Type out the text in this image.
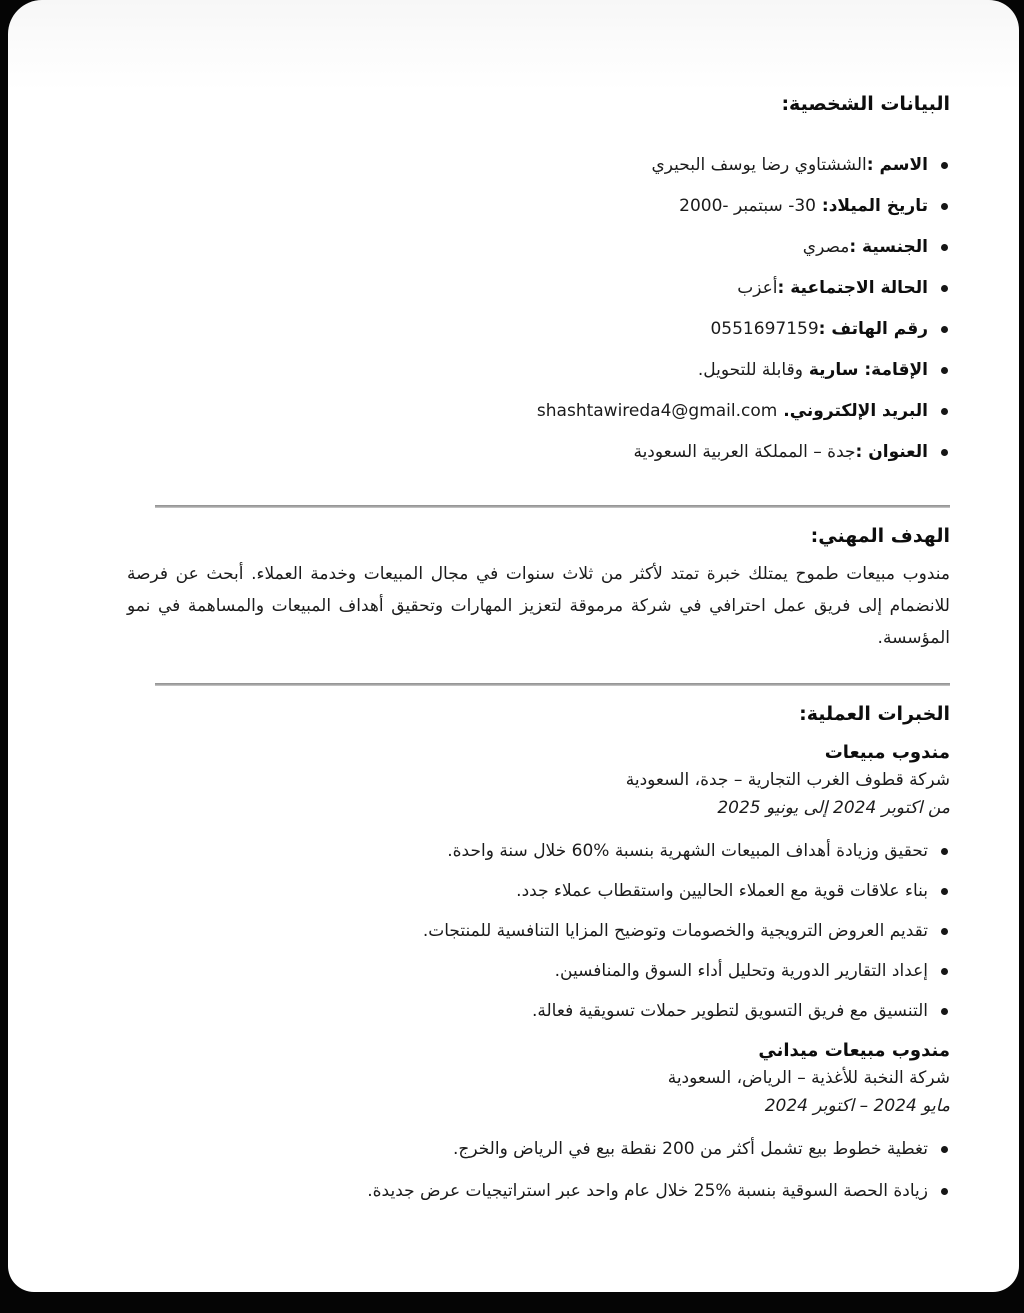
البيانات الشخصية:
الاسم :الششتاوي رضا يوسف البحيري
تاريخ الميلاد: 30- سبتمبر -2000
الجنسية :مصري
الحالة الاجتماعية :أعزب
رقم الهاتف :0551697159
الإقامة: سارية وقابلة للتحويل.
البريد الإلكتروني. shashtawireda4@gmail.com
العنوان :جدة – المملكة العربية السعودية
الهدف المهني:

مندوب مبيعات طموح يمتلك خبرة تمتد لأكثر من ثلاث سنوات في مجال المبيعات وخدمة العملاء. أبحث عن فرصة للانضمام إلى فريق عمل احترافي في شركة مرموقة لتعزيز المهارات وتحقيق أهداف المبيعات والمساهمة في نمو المؤسسة.

الخبرات العملية:
مندوب مبيعات
شركة قطوف الغرب التجارية – جدة، السعودية
من اكتوبر 2024 إلى يونيو 2025
تحقيق وزيادة أهداف المبيعات الشهرية بنسبة %60 خلال سنة واحدة.
بناء علاقات قوية مع العملاء الحاليين واستقطاب عملاء جدد.
تقديم العروض الترويجية والخصومات وتوضيح المزايا التنافسية للمنتجات.
إعداد التقارير الدورية وتحليل أداء السوق والمنافسين.
التنسيق مع فريق التسويق لتطوير حملات تسويقية فعالة.
مندوب مبيعات ميداني
شركة النخبة للأغذية – الرياض، السعودية
مايو 2024 – اكتوبر 2024
تغطية خطوط بيع تشمل أكثر من 200 نقطة بيع في الرياض والخرج.
زيادة الحصة السوقية بنسبة %25 خلال عام واحد عبر استراتيجيات عرض جديدة.
